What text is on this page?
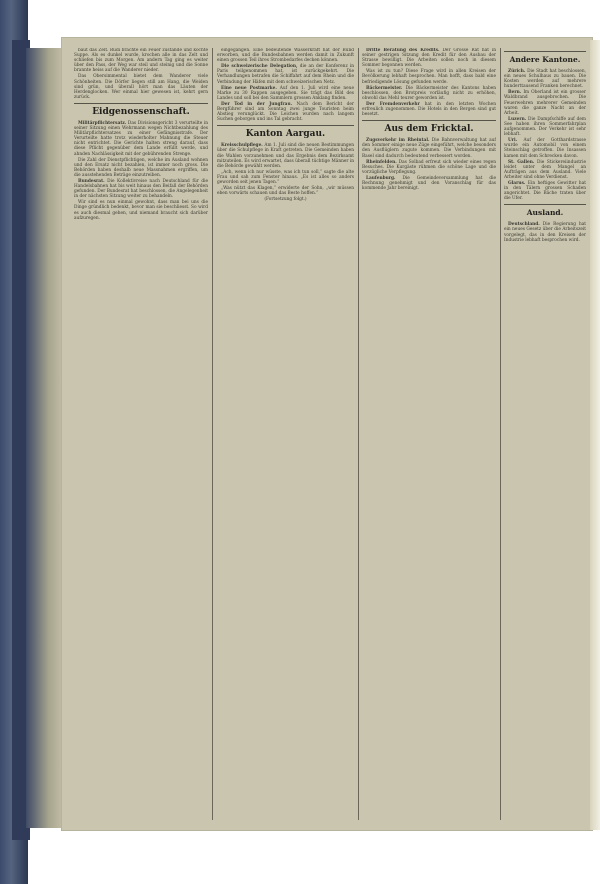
baut das Zelt. Rüdi brachte ein Feuer zustande und kochte Suppe. Als es dunkel wurde, krochen alle in das Zelt und schliefen bis zum Morgen. Am andern Tag ging es weiter über den Pass, der Weg war steil und steinig und die Sonne brannte heiss auf die Wanderer nieder.

Das Obersimmental bietet dem Wanderer viele Schönheiten. Die Dörfer liegen still am Hang, die Weiden sind grün, und überall hört man das Läuten der Herdenglocken. Wer einmal hier gewesen ist, kehrt gern zurück.

Eidgenossenschaft.

Militärpflichtersatz. Das Divisionsgericht 3 verurteilte in seiner Sitzung einen Wehrmann wegen Nichtbezahlung des Militärpflichtersatzes zu einer Gefängnisstrafe. Der Verurteilte hatte trotz wiederholter Mahnung die Steuer nicht entrichtet. Die Gerichte halten streng darauf, dass diese Pflicht gegenüber dem Lande erfüllt werde, und ahnden Nachlässigkeit mit der gebührenden Strenge.

Die Zahl der Dienstpflichtigen, welche im Ausland wohnen und den Ersatz nicht bezahlen, ist immer noch gross. Die Behörden haben deshalb neue Massnahmen ergriffen, um die ausstehenden Beträge einzutreiben.

Bundesrat. Die Kollektivreise nach Deutschland für die Handelsbahnen hat bis weit hinaus den Beifall der Behörden gefunden. Der Bundesrat hat beschlossen, die Angelegenheit in der nächsten Sitzung weiter zu behandeln.

Wir sind es nun einmal gewohnt, dass man bei uns die Dinge gründlich bedenkt, bevor man sie beschliesst. So wird es auch diesmal gehen, und niemand braucht sich darüber aufzuregen.

eingegangen. Eine bedeutende Wasserkraft hat der Bund erworben, und die Bundesbahnen werden damit in Zukunft einen grossen Teil ihres Strombedarfes decken können.

Die schweizerische Delegation, die an der Konferenz in Paris teilgenommen hat, ist zurückgekehrt. Die Verhandlungen betrafen die Schiffahrt auf dem Rhein und die Verbindung der Häfen mit dem schweizerischen Netz.

Eine neue Postmarke. Auf den 1. Juli wird eine neue Marke zu 30 Rappen ausgegeben. Sie trägt das Bild des Landes und soll bei den Sammlern grossen Anklang finden.

Der Tod in der Jungfrau. Nach dem Bericht der Bergführer sind am Sonntag zwei junge Touristen beim Abstieg verunglückt. Die Leichen wurden nach langem Suchen geborgen und ins Tal gebracht.

Kanton Aargau.

Kreisschulpflege. Am 1. Juli sind die neuen Bestimmungen über die Schulpflege in Kraft getreten. Die Gemeinden haben die Wahlen vorzunehmen und das Ergebnis dem Bezirksamt mitzuteilen. Es wird erwartet, dass überall tüchtige Männer in die Behörde gewählt werden.

„Ach, wenn ich nur wüsste, was ich tun soll,“ sagte die alte Frau und sah zum Fenster hinaus. „Es ist alles so anders geworden seit jenen Tagen.“

„Was nützt das Klagen,“ erwiderte der Sohn, „wir müssen eben vorwärts schauen und das Beste hoffen.“

(Fortsetzung folgt.)

Dritte Beratung des Kredits. Der Grosse Rat hat in seiner gestrigen Sitzung den Kredit für den Ausbau der Strasse bewilligt. Die Arbeiten sollen noch in diesem Sommer begonnen werden.

Was ist zu tun? Diese Frage wird in allen Kreisen der Bevölkerung lebhaft besprochen. Man hofft, dass bald eine befriedigende Lösung gefunden werde.

Bäckermeister. Die Bäckermeister des Kantons haben beschlossen, den Brotpreis vorläufig nicht zu erhöhen, obwohl das Mehl teurer geworden ist.

Der Fremdenverkehr hat in den letzten Wochen erfreulich zugenommen. Die Hotels in den Bergen sind gut besetzt.

Aus dem Fricktal.

Zugsverkehr im Rheintal. Die Bahnverwaltung hat auf den Sommer einige neue Züge eingeführt, welche besonders den Ausflüglern zugute kommen. Die Verbindungen mit Basel sind dadurch bedeutend verbessert worden.

Rheinfelden. Das Solbad erfreut sich wieder eines regen Besuches. Die Kurgäste rühmen die schöne Lage und die vorzügliche Verpflegung.

Laufenburg. Die Gemeindeversammlung hat die Rechnung genehmigt und den Voranschlag für das kommende Jahr bereinigt.

Andere Kantone.

Zürich. Die Stadt hat beschlossen, ein neues Schulhaus zu bauen. Die Kosten werden auf mehrere hunderttausend Franken berechnet.

Bern. Im Oberland ist ein grosser Waldbrand ausgebrochen. Die Feuerwehren mehrerer Gemeinden waren die ganze Nacht an der Arbeit.

Luzern. Die Dampfschiffe auf dem See haben ihren Sommerfahrplan aufgenommen. Der Verkehr ist sehr lebhaft.

Uri. Auf der Gotthardstrasse wurde ein Automobil von einem Steinschlag getroffen. Die Insassen kamen mit dem Schrecken davon.

St. Gallen. Die Stickereiindustrie leidet unter dem Mangel an Aufträgen aus dem Ausland. Viele Arbeiter sind ohne Verdienst.

Glarus. Ein heftiges Gewitter hat in den Tälern grossen Schaden angerichtet. Die Bäche traten über die Ufer.

Ausland.

Deutschland. Die Regierung hat ein neues Gesetz über die Arbeitszeit vorgelegt, das in den Kreisen der Industrie lebhaft besprochen wird.
